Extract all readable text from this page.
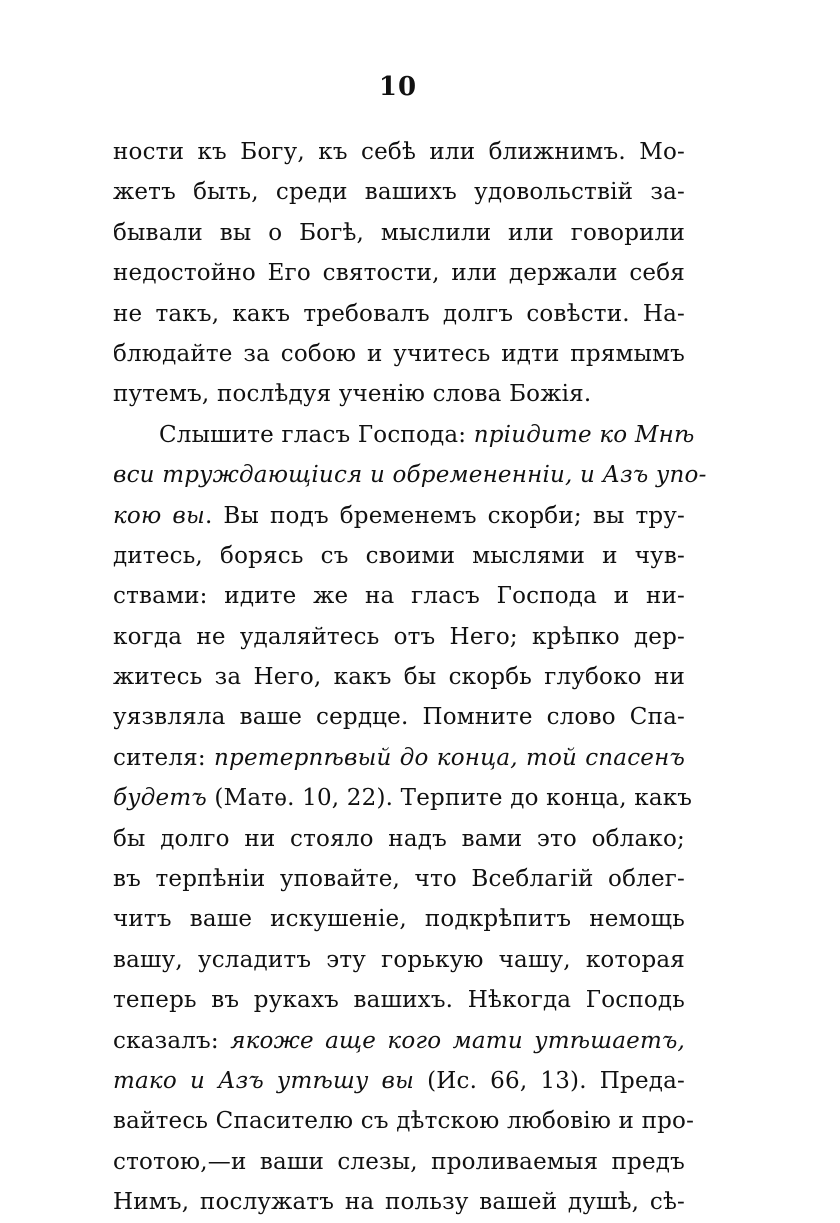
10
ности къ Богу, къ себѣ или ближнимъ. Мо-
жетъ быть, среди вашихъ удовольствій за-
бывали вы о Богѣ, мыслили или говорили
недостойно Его святости, или держали себя
не такъ, какъ требовалъ долгъ совѣсти. На-
блюдайте за собою и учитесь идти прямымъ
путемъ, послѣдуя ученію слова Божія.
Слышите гласъ Господа: пріидите ко Мнѣ
вси труждающіися и обремененніи, и Азъ упо-
кою вы. Вы подъ бременемъ скорби; вы тру-
дитесь, борясь съ своими мыслями и чув-
ствами: идите же на гласъ Господа и ни-
когда не удаляйтесь отъ Него; крѣпко дер-
житесь за Него, какъ бы скорбь глубоко ни
уязвляла ваше сердце. Помните слово Спа-
сителя: претерпѣвый до конца, той спасенъ
будетъ (Матѳ. 10, 22). Терпите до конца, какъ
бы долго ни стояло надъ вами это облако;
въ терпѣніи уповайте, что Всеблагій облег-
читъ ваше искушеніе, подкрѣпитъ немощь
вашу, усладитъ эту горькую чашу, которая
теперь въ рукахъ вашихъ. Нѣкогда Господь
сказалъ: якоже аще кого мати утѣшаетъ,
тако и Азъ утѣшу вы (Ис. 66, 13). Преда-
вайтесь Спасителю съ дѣтскою любовію и про-
стотою,—и ваши слезы, проливаемыя предъ
Нимъ, послужатъ на пользу вашей душѣ, сѣ-
